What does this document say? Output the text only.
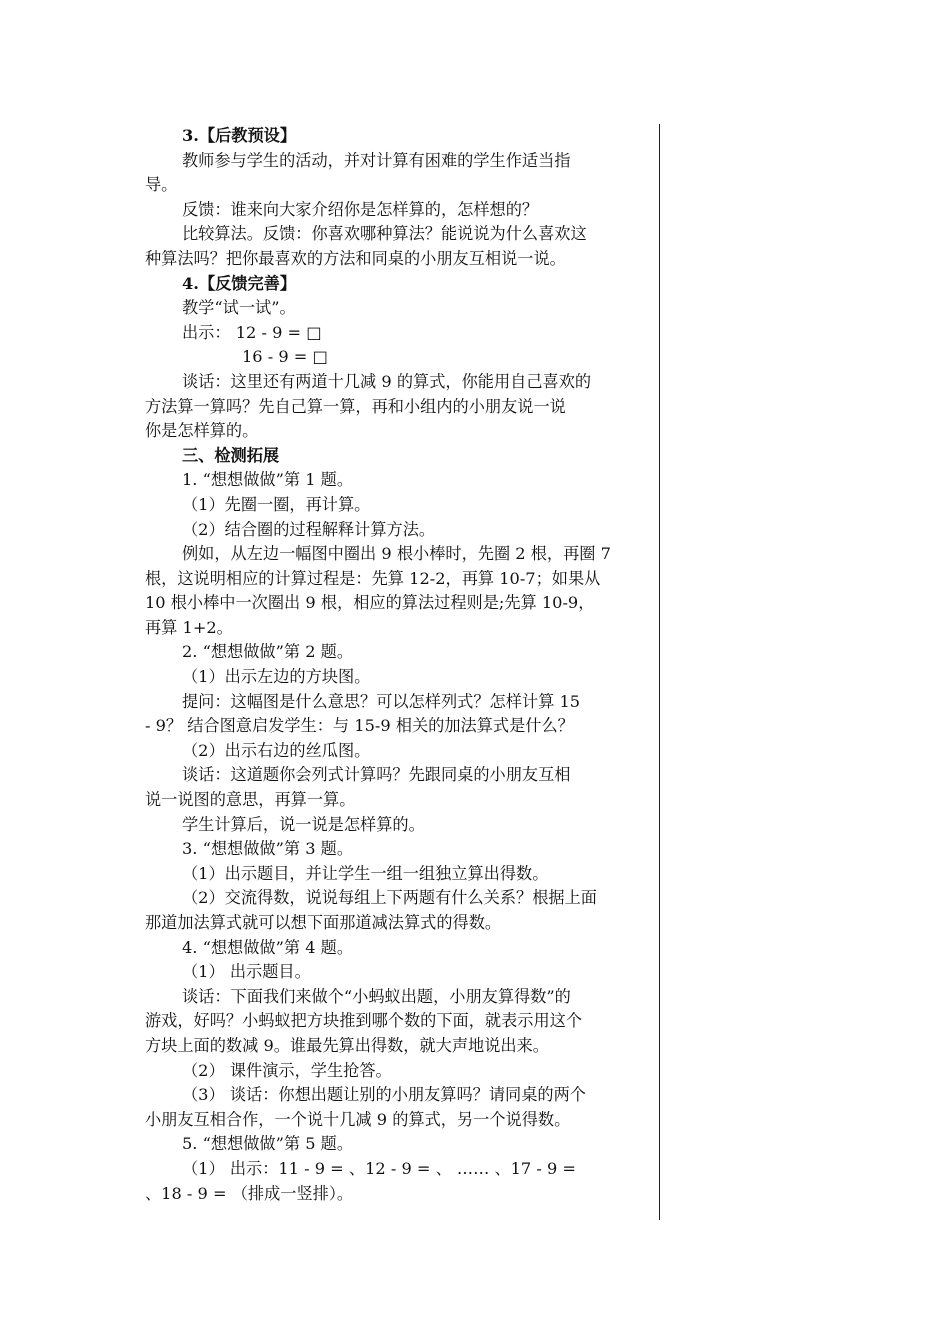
3.【后教预设】
教师参与学生的活动，并对计算有困难的学生作适当指
导。
反馈：谁来向大家介绍你是怎样算的，怎样想的？
比较算法。反馈：你喜欢哪种算法？能说说为什么喜欢这
种算法吗？把你最喜欢的方法和同桌的小朋友互相说一说。
4.【反馈完善】
教学“试一试”。
出示： 12 - 9 = □
16 - 9 = □
谈话：这里还有两道十几减 9 的算式，你能用自己喜欢的
方法算一算吗？先自己算一算，再和小组内的小朋友说一说
你是怎样算的。
三、检测拓展
1. “想想做做”第 1 题。
（1）先圈一圈，再计算。
（2）结合圈的过程解释计算方法。
例如，从左边一幅图中圈出 9 根小棒时，先圈 2 根，再圈 7
根，这说明相应的计算过程是：先算 12-2，再算 10-7；如果从
10 根小棒中一次圈出 9 根，相应的算法过程则是;先算 10-9，
再算 1+2。
2. “想想做做”第 2 题。
（1）出示左边的方块图。
提问：这幅图是什么意思？可以怎样列式？怎样计算 15
- 9？ 结合图意启发学生：与 15-9 相关的加法算式是什么？
（2）出示右边的丝瓜图。
谈话：这道题你会列式计算吗？先跟同桌的小朋友互相
说一说图的意思，再算一算。
学生计算后，说一说是怎样算的。
3. “想想做做”第 3 题。
（1）出示题目，并让学生一组一组独立算出得数。
（2）交流得数，说说每组上下两题有什么关系？根据上面
那道加法算式就可以想下面那道减法算式的得数。
4. “想想做做”第 4 题。
（1） 出示题目。
谈话：下面我们来做个“小蚂蚁出题，小朋友算得数”的
游戏，好吗？小蚂蚁把方块推到哪个数的下面，就表示用这个
方块上面的数减 9。谁最先算出得数，就大声地说出来。
（2） 课件演示，学生抢答。
（3） 谈话：你想出题让别的小朋友算吗？请同桌的两个
小朋友互相合作，一个说十几减 9 的算式，另一个说得数。
5. “想想做做”第 5 题。
（1） 出示：11 - 9 = 、12 - 9 = 、 …… 、17 - 9 =
、18 - 9 = （排成一竖排）。
